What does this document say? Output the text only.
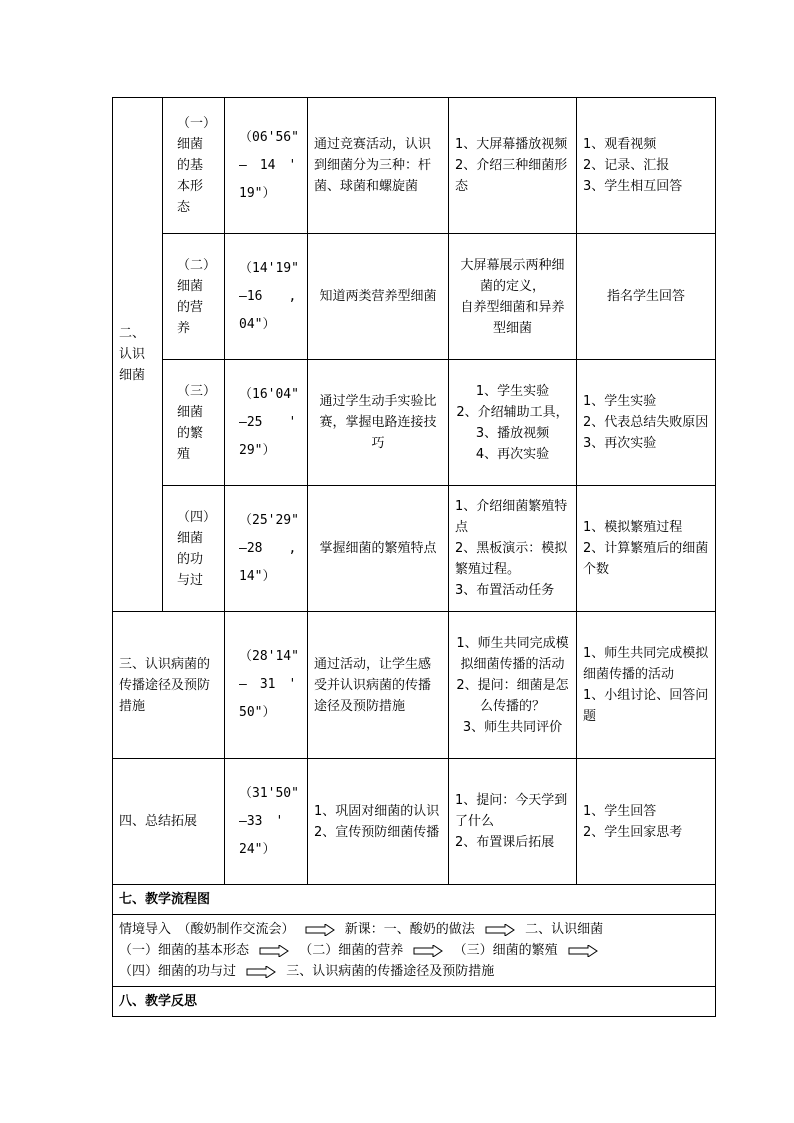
二、认识细菌	（一）
细菌
的基
本形
态	（06'56"
–　14　'
19"）	通过竞赛活动，认识到细菌分为三种：杆菌、球菌和螺旋菌	1、大屏幕播放视频
2、介绍三种细菌形态	1、观看视频
2、记录、汇报
3、学生相互回答

	（二）
细菌
的营
养	（14'19"
–16　　,
04"）	知道两类营养型细菌	大屏幕展示两种细菌的定义，
自养型细菌和异养型细菌	指名学生回答

	（三）
细菌
的繁
殖	（16'04"
–25　　'
29"）	通过学生动手实验比赛，掌握电路连接技巧	1、学生实验
2、介绍辅助工具，
3、播放视频
4、再次实验	1、学生实验
2、代表总结失败原因
3、再次实验

	（四）
细菌
的功
与过	（25'29"
–28　　,
14"）	掌握细菌的繁殖特点	1、介绍细菌繁殖特点
2、黑板演示：模拟繁殖过程。
3、布置活动任务	1、模拟繁殖过程
2、计算繁殖后的细菌个数

三、认识病菌的传播途径及预防措施		（28'14"
–　31　'
50"）	通过活动，让学生感受并认识病菌的传播途径及预防措施	1、师生共同完成模拟细菌传播的活动
2、提问：细菌是怎么传播的？
3、师生共同评价	1、师生共同完成模拟细菌传播的活动
1、小组讨论、回答问题

四、总结拓展		（31'50"
–33　'
24"）	1、巩固对细菌的认识
2、宣传预防细菌传播	1、提问：今天学到了什么
2、布置课后拓展	1、学生回答
2、学生回家思考

七、教学流程图					

情境导入　（酸奶制作交流会） 新课：一、酸奶的做法 二、认识细菌
（一）细菌的基本形态 （二）细菌的营养 （三）细菌的繁殖
（四）细菌的功与过 三、认识病菌的传播途径及预防措施					

八、教学反思					
